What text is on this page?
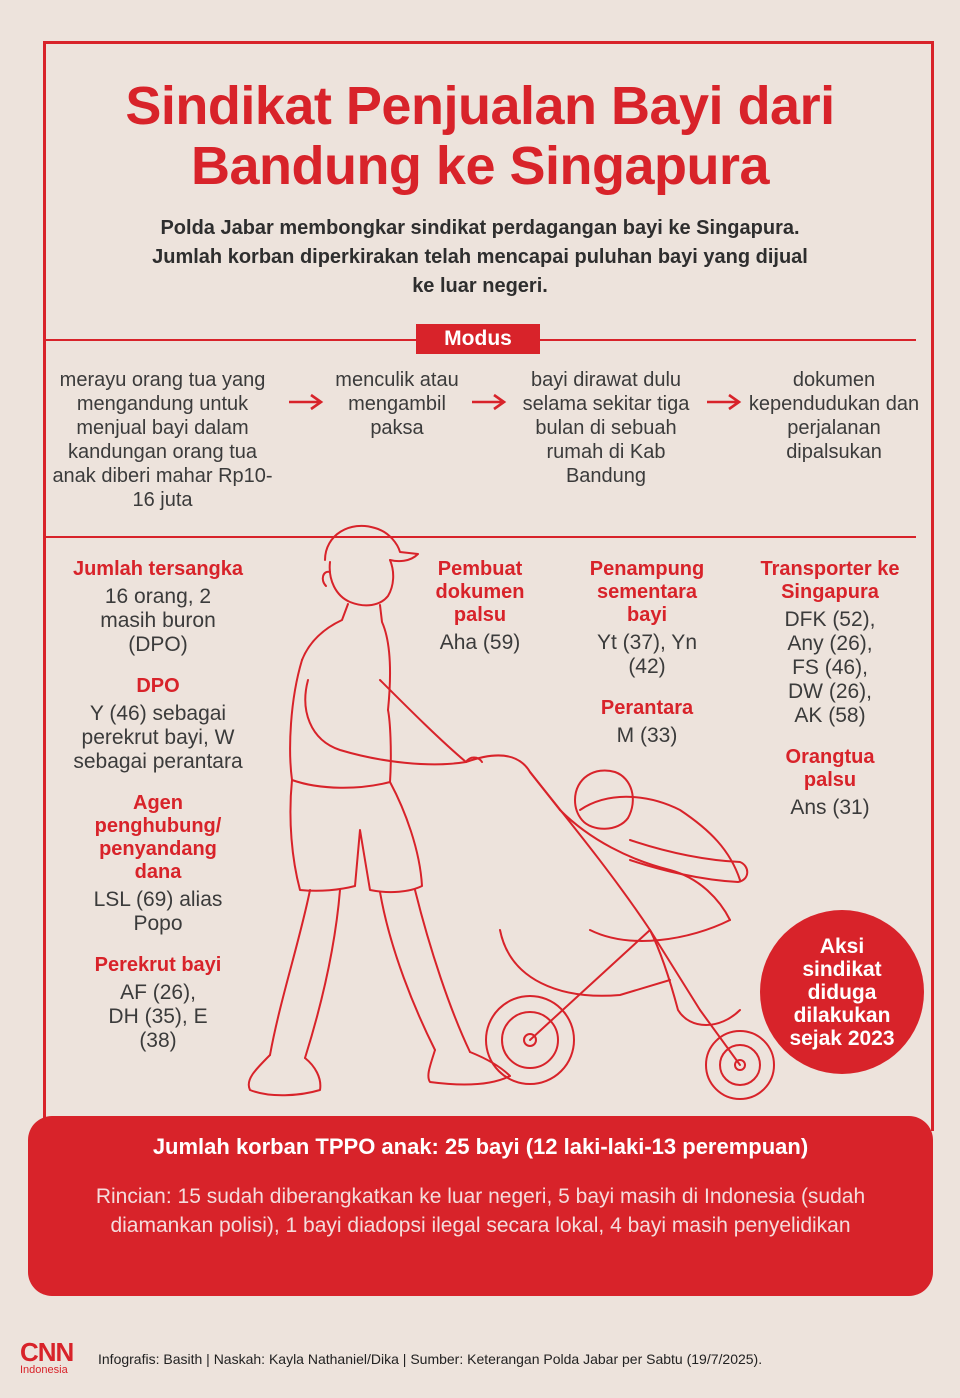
Sindikat Penjualan Bayi dari
Bandung ke Singapura
Polda Jabar membongkar sindikat perdagangan bayi ke Singapura.
Jumlah korban diperkirakan telah mencapai puluhan bayi yang dijual
ke luar negeri.
Modus
merayu orang tua yang mengandung untuk menjual bayi dalam kandungan orang tua anak diberi mahar Rp10-16 juta
menculik atau mengambil paksa
bayi dirawat dulu selama sekitar tiga bulan di sebuah rumah di Kab Bandung
dokumen kependudukan dan perjalanan dipalsukan
Jumlah tersangka
16 orang, 2 masih buron (DPO)
DPO
Y (46) sebagai perekrut bayi, W sebagai perantara
Agen penghubung/ penyandang dana
LSL (69) alias Popo
Perekrut bayi
AF (26), DH (35), E (38)
Pembuat dokumen palsu
Aha (59)
Penampung sementara bayi
Yt (37), Yn (42)
Perantara
M (33)
Transporter ke Singapura
DFK (52), Any (26), FS (46), DW (26), AK (58)
Orangtua palsu
Ans (31)
Aksi sindikat diduga dilakukan sejak 2023
Jumlah korban TPPO anak: 25 bayi (12 laki-laki-13 perempuan)
Rincian: 15 sudah diberangkatkan ke luar negeri, 5 bayi masih di Indonesia (sudah diamankan polisi), 1 bayi diadopsi ilegal secara lokal, 4 bayi masih penyelidikan
CNN
Indonesia
Infografis: Basith | Naskah: Kayla Nathaniel/Dika | Sumber: Keterangan Polda Jabar per Sabtu (19/7/2025).
